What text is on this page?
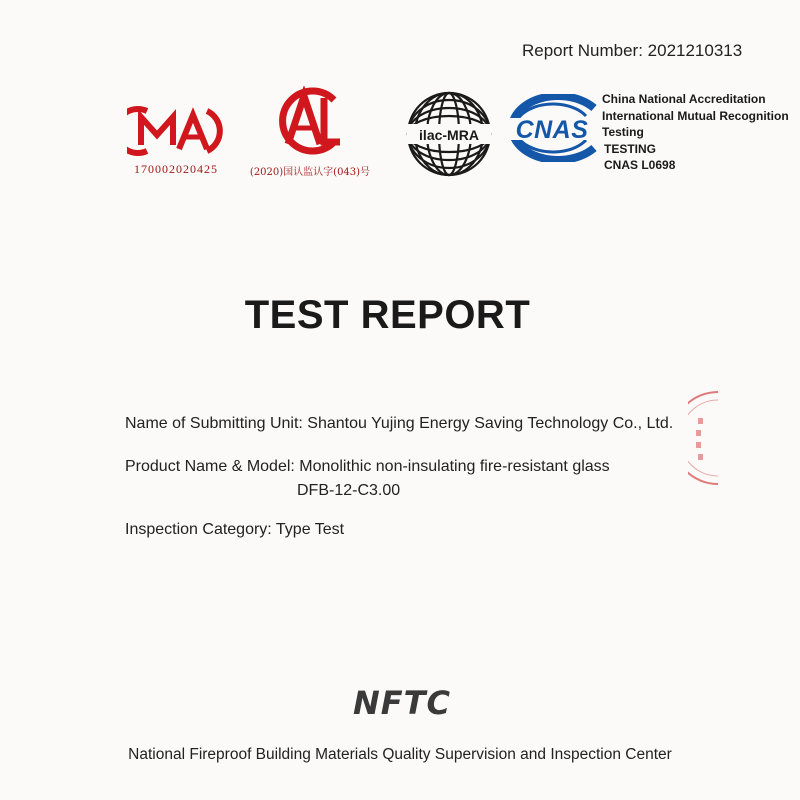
Report Number: 2021210313
170002020425	(2020)国认监认字(043)号
ilac-MRA CNAS
China National Accreditation
International Mutual Recognition
Testing
TESTING
CNAS L0698
TEST REPORT
Name of Submitting Unit: Shantou Yujing Energy Saving Technology Co., Ltd.
Product Name & Model: Monolithic non-insulating fire-resistant glass
DFB-12-C3.00
Inspection Category: Type Test
NFTC
National Fireproof Building Materials Quality Supervision and Inspection Center
